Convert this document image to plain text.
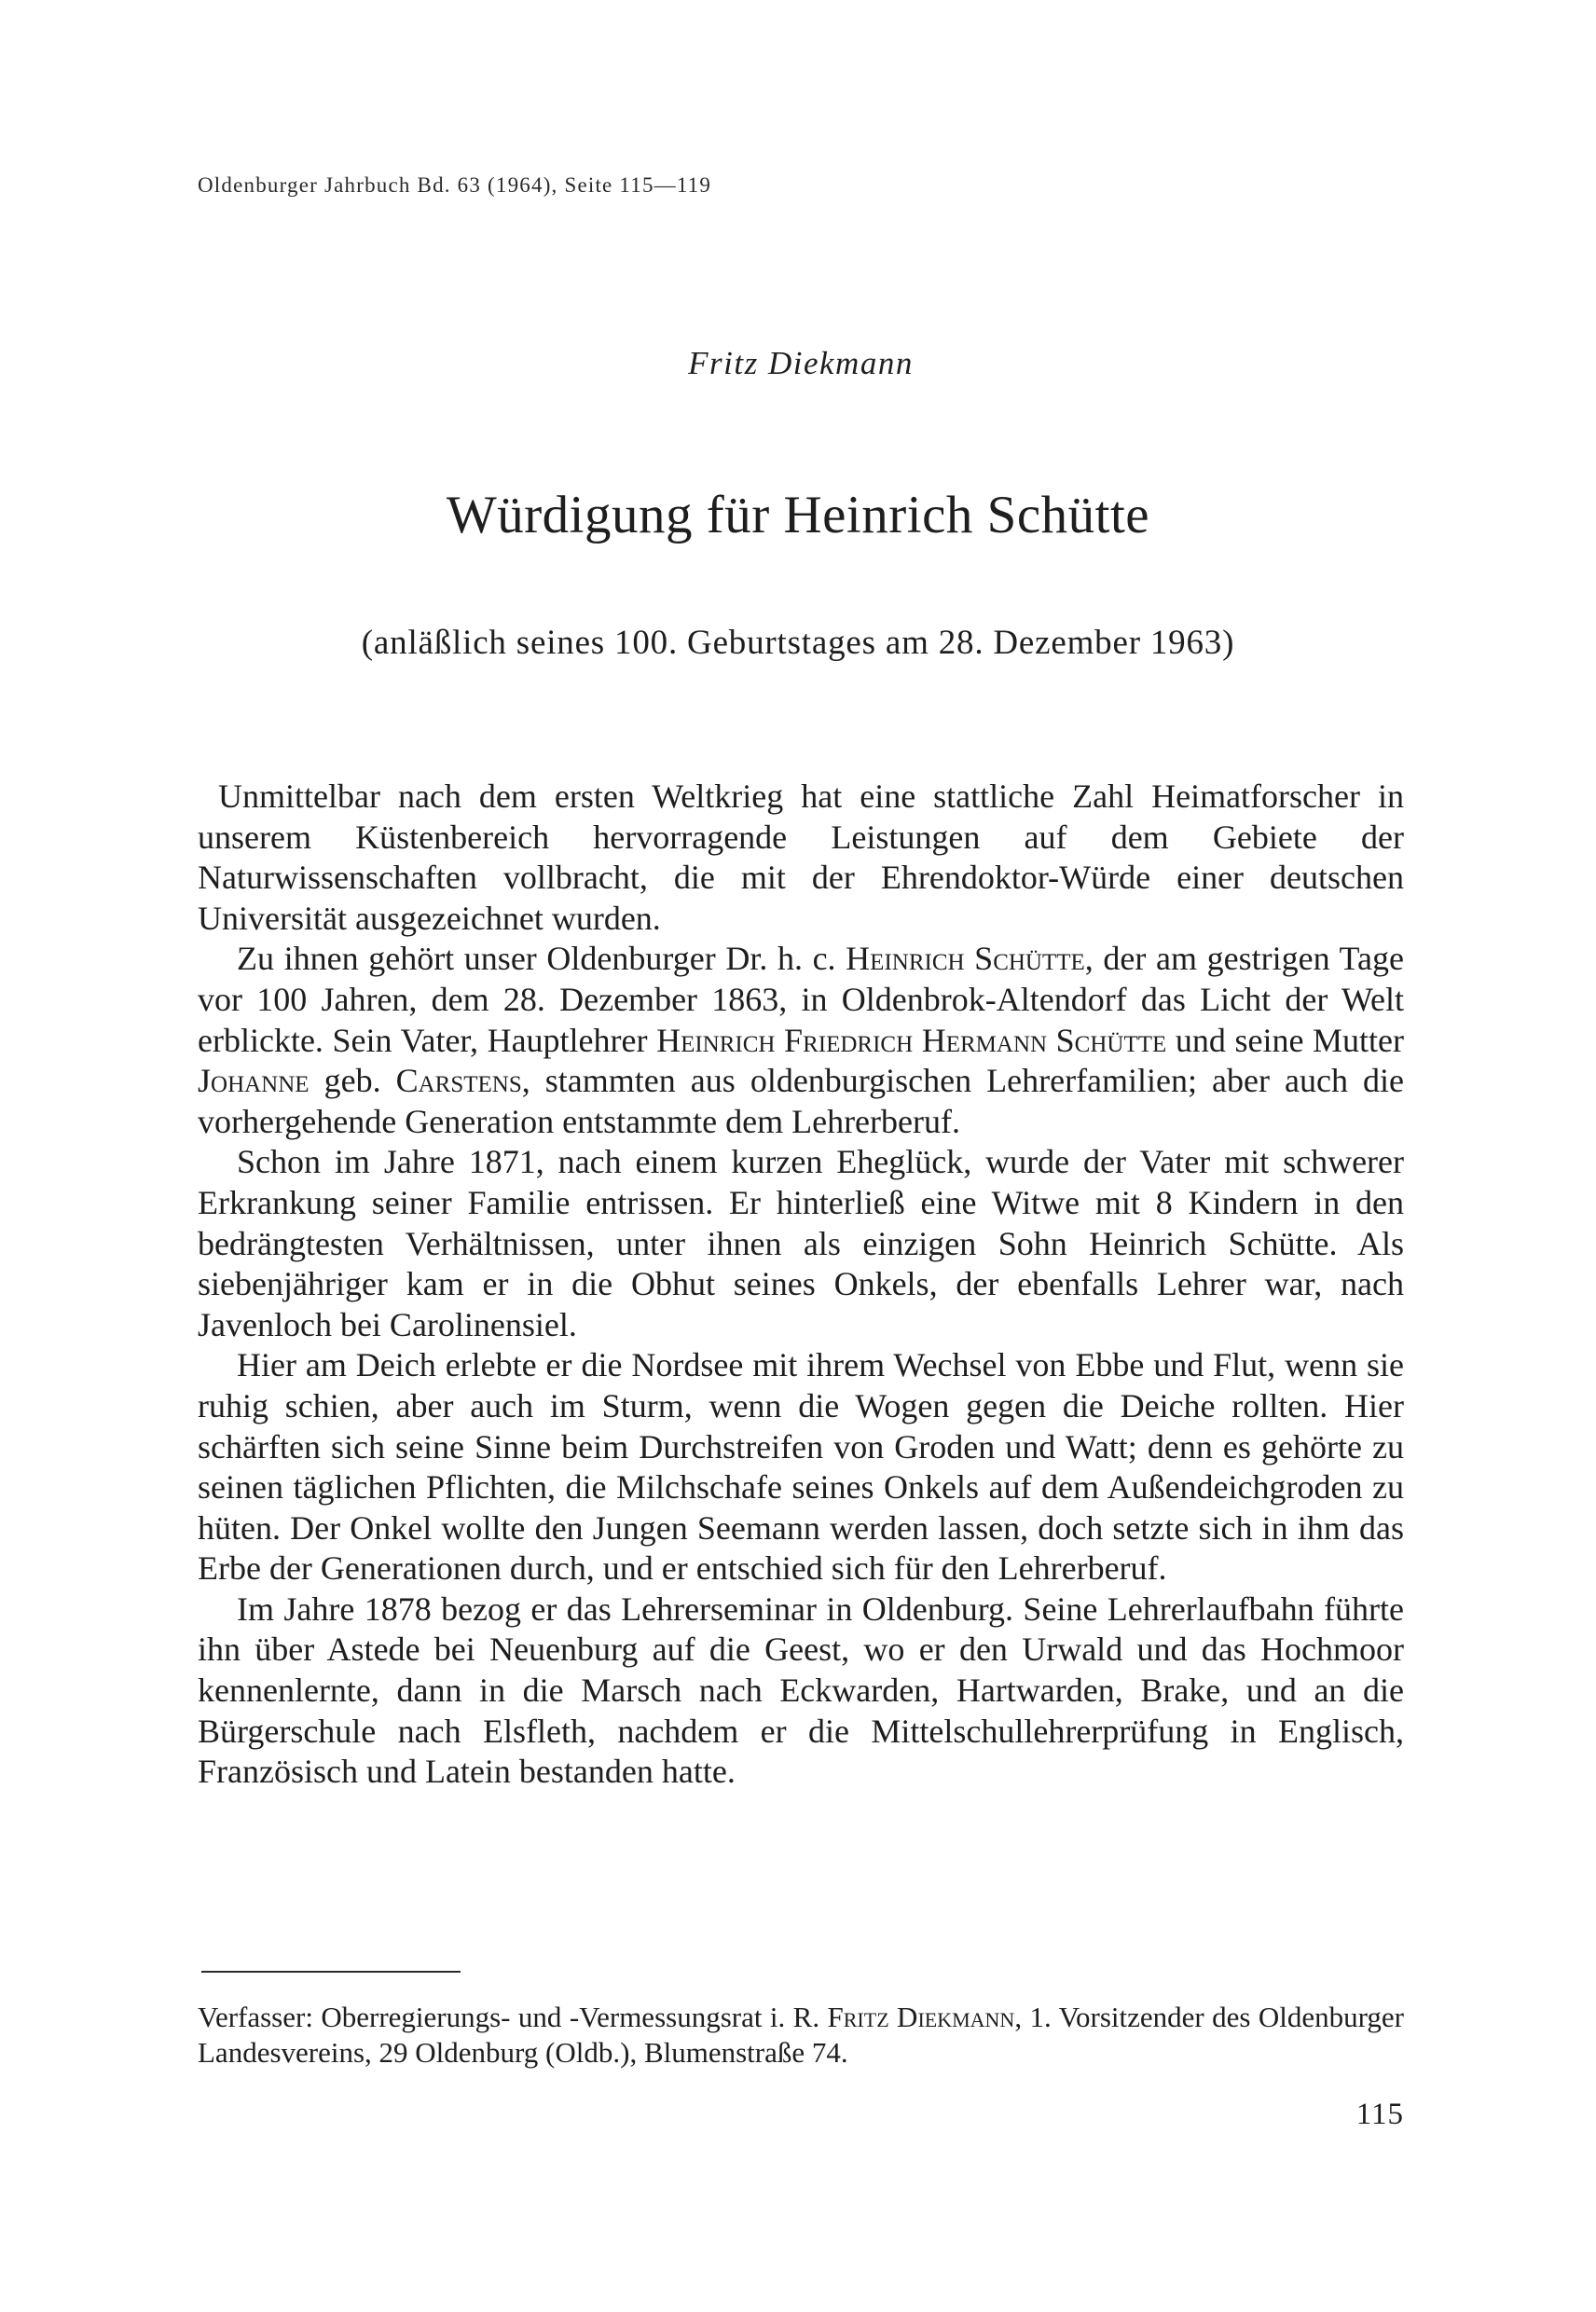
Oldenburger Jahrbuch Bd. 63 (1964), Seite 115—119
Fritz Diekmann
Würdigung für Heinrich Schütte
(anläßlich seines 100. Geburtstages am 28. Dezember 1963)

Unmittelbar nach dem ersten Weltkrieg hat eine stattliche Zahl Heimatforscher in unserem Küstenbereich hervorragende Leistungen auf dem Gebiete der Naturwissenschaften vollbracht, die mit der Ehrendoktor-Würde einer deutschen Universität ausgezeichnet wurden.

Zu ihnen gehört unser Oldenburger Dr. h. c. Heinrich Schütte, der am gestrigen Tage vor 100 Jahren, dem 28. Dezember 1863, in Oldenbrok-Altendorf das Licht der Welt erblickte. Sein Vater, Hauptlehrer Heinrich Friedrich Hermann Schütte und seine Mutter Johanne geb. Carstens, stammten aus oldenburgischen Lehrerfamilien; aber auch die vorhergehende Generation entstammte dem Lehrerberuf.

Schon im Jahre 1871, nach einem kurzen Eheglück, wurde der Vater mit schwerer Erkrankung seiner Familie entrissen. Er hinterließ eine Witwe mit 8 Kindern in den bedrängtesten Verhältnissen, unter ihnen als einzigen Sohn Heinrich Schütte. Als siebenjähriger kam er in die Obhut seines Onkels, der ebenfalls Lehrer war, nach Javenloch bei Carolinensiel.

Hier am Deich erlebte er die Nordsee mit ihrem Wechsel von Ebbe und Flut, wenn sie ruhig schien, aber auch im Sturm, wenn die Wogen gegen die Deiche rollten. Hier schärften sich seine Sinne beim Durchstreifen von Groden und Watt; denn es gehörte zu seinen täglichen Pflichten, die Milchschafe seines Onkels auf dem Außendeichgroden zu hüten. Der Onkel wollte den Jungen Seemann werden lassen, doch setzte sich in ihm das Erbe der Generationen durch, und er entschied sich für den Lehrerberuf.

Im Jahre 1878 bezog er das Lehrerseminar in Oldenburg. Seine Lehrerlaufbahn führte ihn über Astede bei Neuenburg auf die Geest, wo er den Urwald und das Hochmoor kennenlernte, dann in die Marsch nach Eckwarden, Hartwarden, Brake, und an die Bürgerschule nach Elsfleth, nachdem er die Mittelschullehrerprüfung in Englisch, Französisch und Latein bestanden hatte.

Verfasser: Oberregierungs- und -Vermessungsrat i. R. Fritz Diekmann, 1. Vorsitzender des Oldenburger Landesvereins, 29 Oldenburg (Oldb.), Blumenstraße 74.
115
